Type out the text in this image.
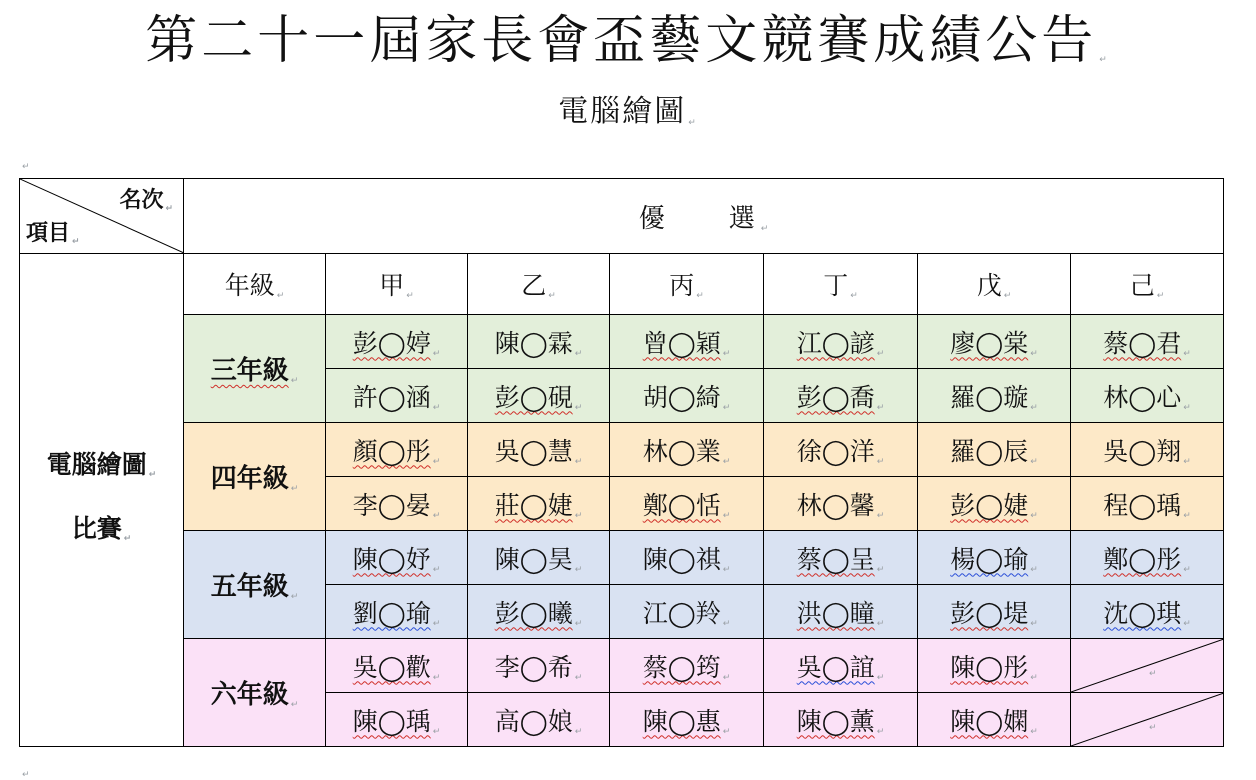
第二十一屆家長會盃藝文競賽成績公告 ↵
電腦繪圖 ↵
$_↵$
名次 ↵
項目 ↵	優　　選 ↵						

電腦繪圖 ↵
比賽 ↵	年級 ↵	甲 ↵	乙 ↵	丙 ↵	丁 ↵	戊 ↵	己 ↵
	三年級 ↵	彭◯婷 ↵	陳◯霖 ↵	曾◯穎 ↵	江◯諺 ↵	廖◯棠 ↵	蔡◯君 ↵
		許◯涵 ↵	彭◯硯 ↵	胡◯綺 ↵	彭◯喬 ↵	羅◯璇 ↵	林◯心 ↵
	四年級 ↵	顏◯彤 ↵	吳◯慧 ↵	林◯業 ↵	徐◯洋 ↵	羅◯辰 ↵	吳◯翔 ↵
		李◯晏 ↵	莊◯婕 ↵	鄭◯恬 ↵	林◯馨 ↵	彭◯婕 ↵	程◯瑀 ↵
	五年級 ↵	陳◯妤 ↵	陳◯昊 ↵	陳◯祺 ↵	蔡◯呈 ↵	楊◯瑜 ↵	鄭◯彤 ↵
		劉◯瑜 ↵	彭◯曦 ↵	江◯羚 ↵	洪◯瞳 ↵	彭◯堤 ↵	沈◯琪 ↵
	六年級 ↵	吳◯歡 ↵	李◯希 ↵	蔡◯筠 ↵	吳◯誼 ↵	陳◯彤 ↵	↵

		陳◯瑀 ↵	高◯娘 ↵	陳◯惠 ↵	陳◯薰 ↵	陳◯嫻 ↵	↵
$_↵$
